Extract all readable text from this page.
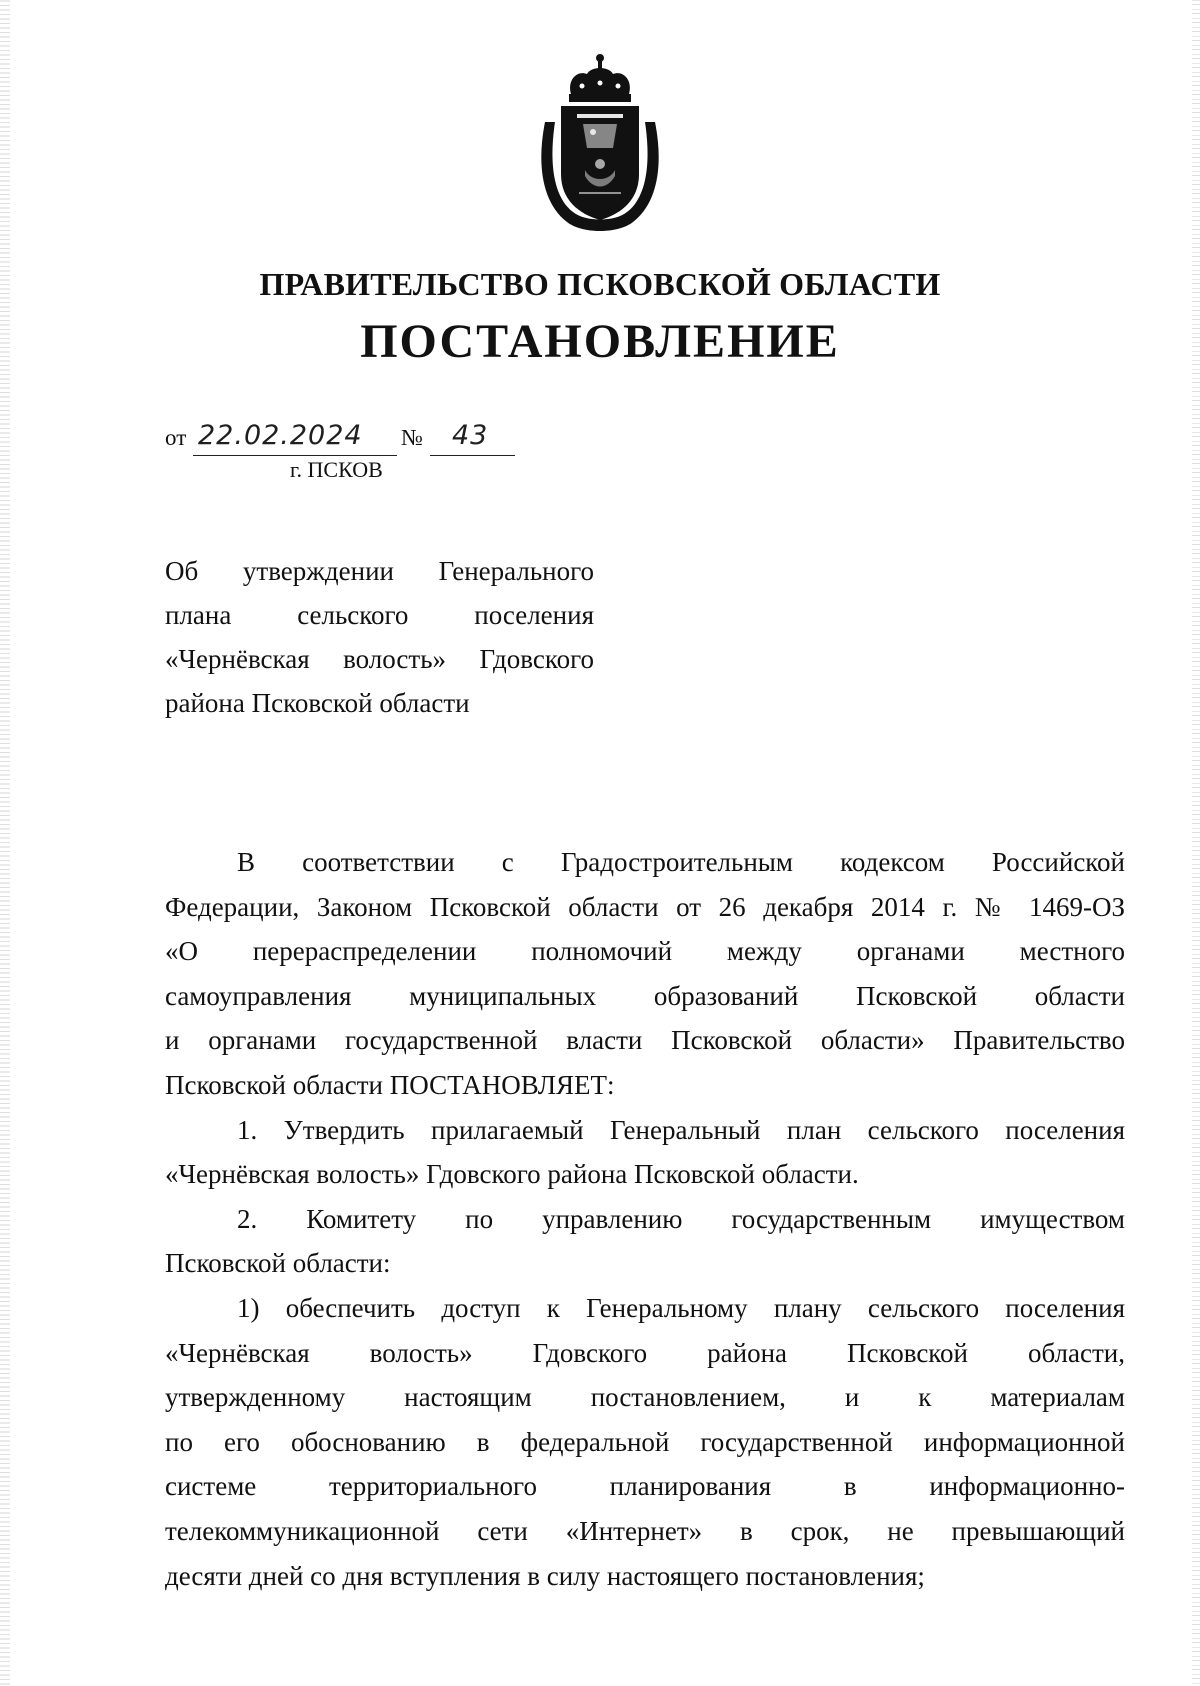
ПРАВИТЕЛЬСТВО ПСКОВСКОЙ ОБЛАСТИ
ПОСТАНОВЛЕНИЕ
от 22.02.2024 № 43
г. ПСКОВ
Об утверждении Генерального
плана сельского поселения
«Чернёвская волость» Гдовского
района Псковской области
В соответствии с Градостроительным кодексом Российской
Федерации, Законом Псковской области от 26 декабря 2014 г. № 1469-ОЗ
«О перераспределении полномочий между органами местного
самоуправления муниципальных образований Псковской области
и органами государственной власти Псковской области» Правительство
Псковской области ПОСТАНОВЛЯЕТ:
1. Утвердить прилагаемый Генеральный план сельского поселения
«Чернёвская волость» Гдовского района Псковской области.
2. Комитету по управлению государственным имуществом
Псковской области:
1) обеспечить доступ к Генеральному плану сельского поселения
«Чернёвская волость» Гдовского района Псковской области,
утвержденному настоящим постановлением, и к материалам
по его обоснованию в федеральной государственной информационной
системе территориального планирования в информационно-
телекоммуникационной сети «Интернет» в срок, не превышающий
десяти дней со дня вступления в силу настоящего постановления;
